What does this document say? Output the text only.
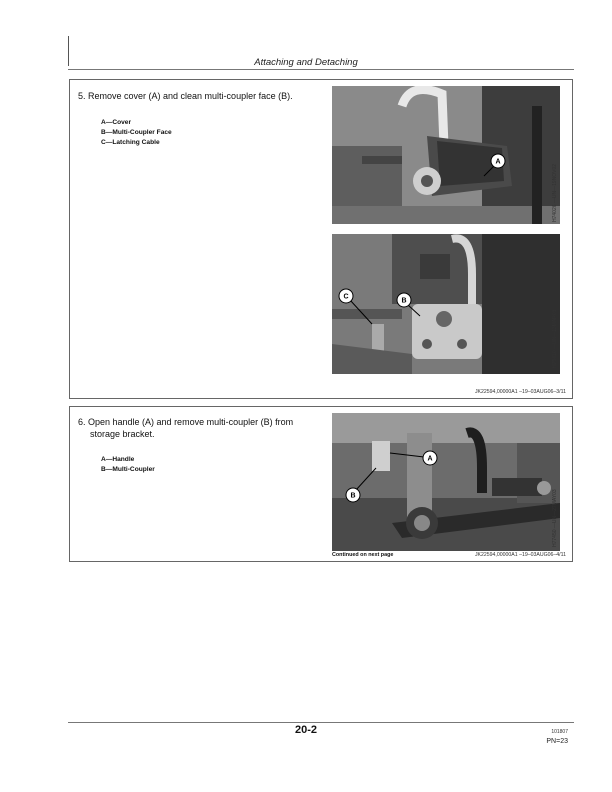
Attaching and Detaching
5. Remove cover (A) and clean multi-coupler face (B).
A—Cover
B—Multi-Coupler Face
C—Latching Cable
A
H74026 —UN—19NOV02
C
B
H75410 —UN—13MAR03
JK22594,00000A1 –19–03AUG06–3/11
6. Open handle (A) and remove multi-coupler (B) from
storage bracket.
A—Handle
B—Multi-Coupler
A
B	H77450 —UN—27MAY03
Continued on next page	JK22594,00000A1 –19–03AUG06–4/11
20-2	101807
PN=23
